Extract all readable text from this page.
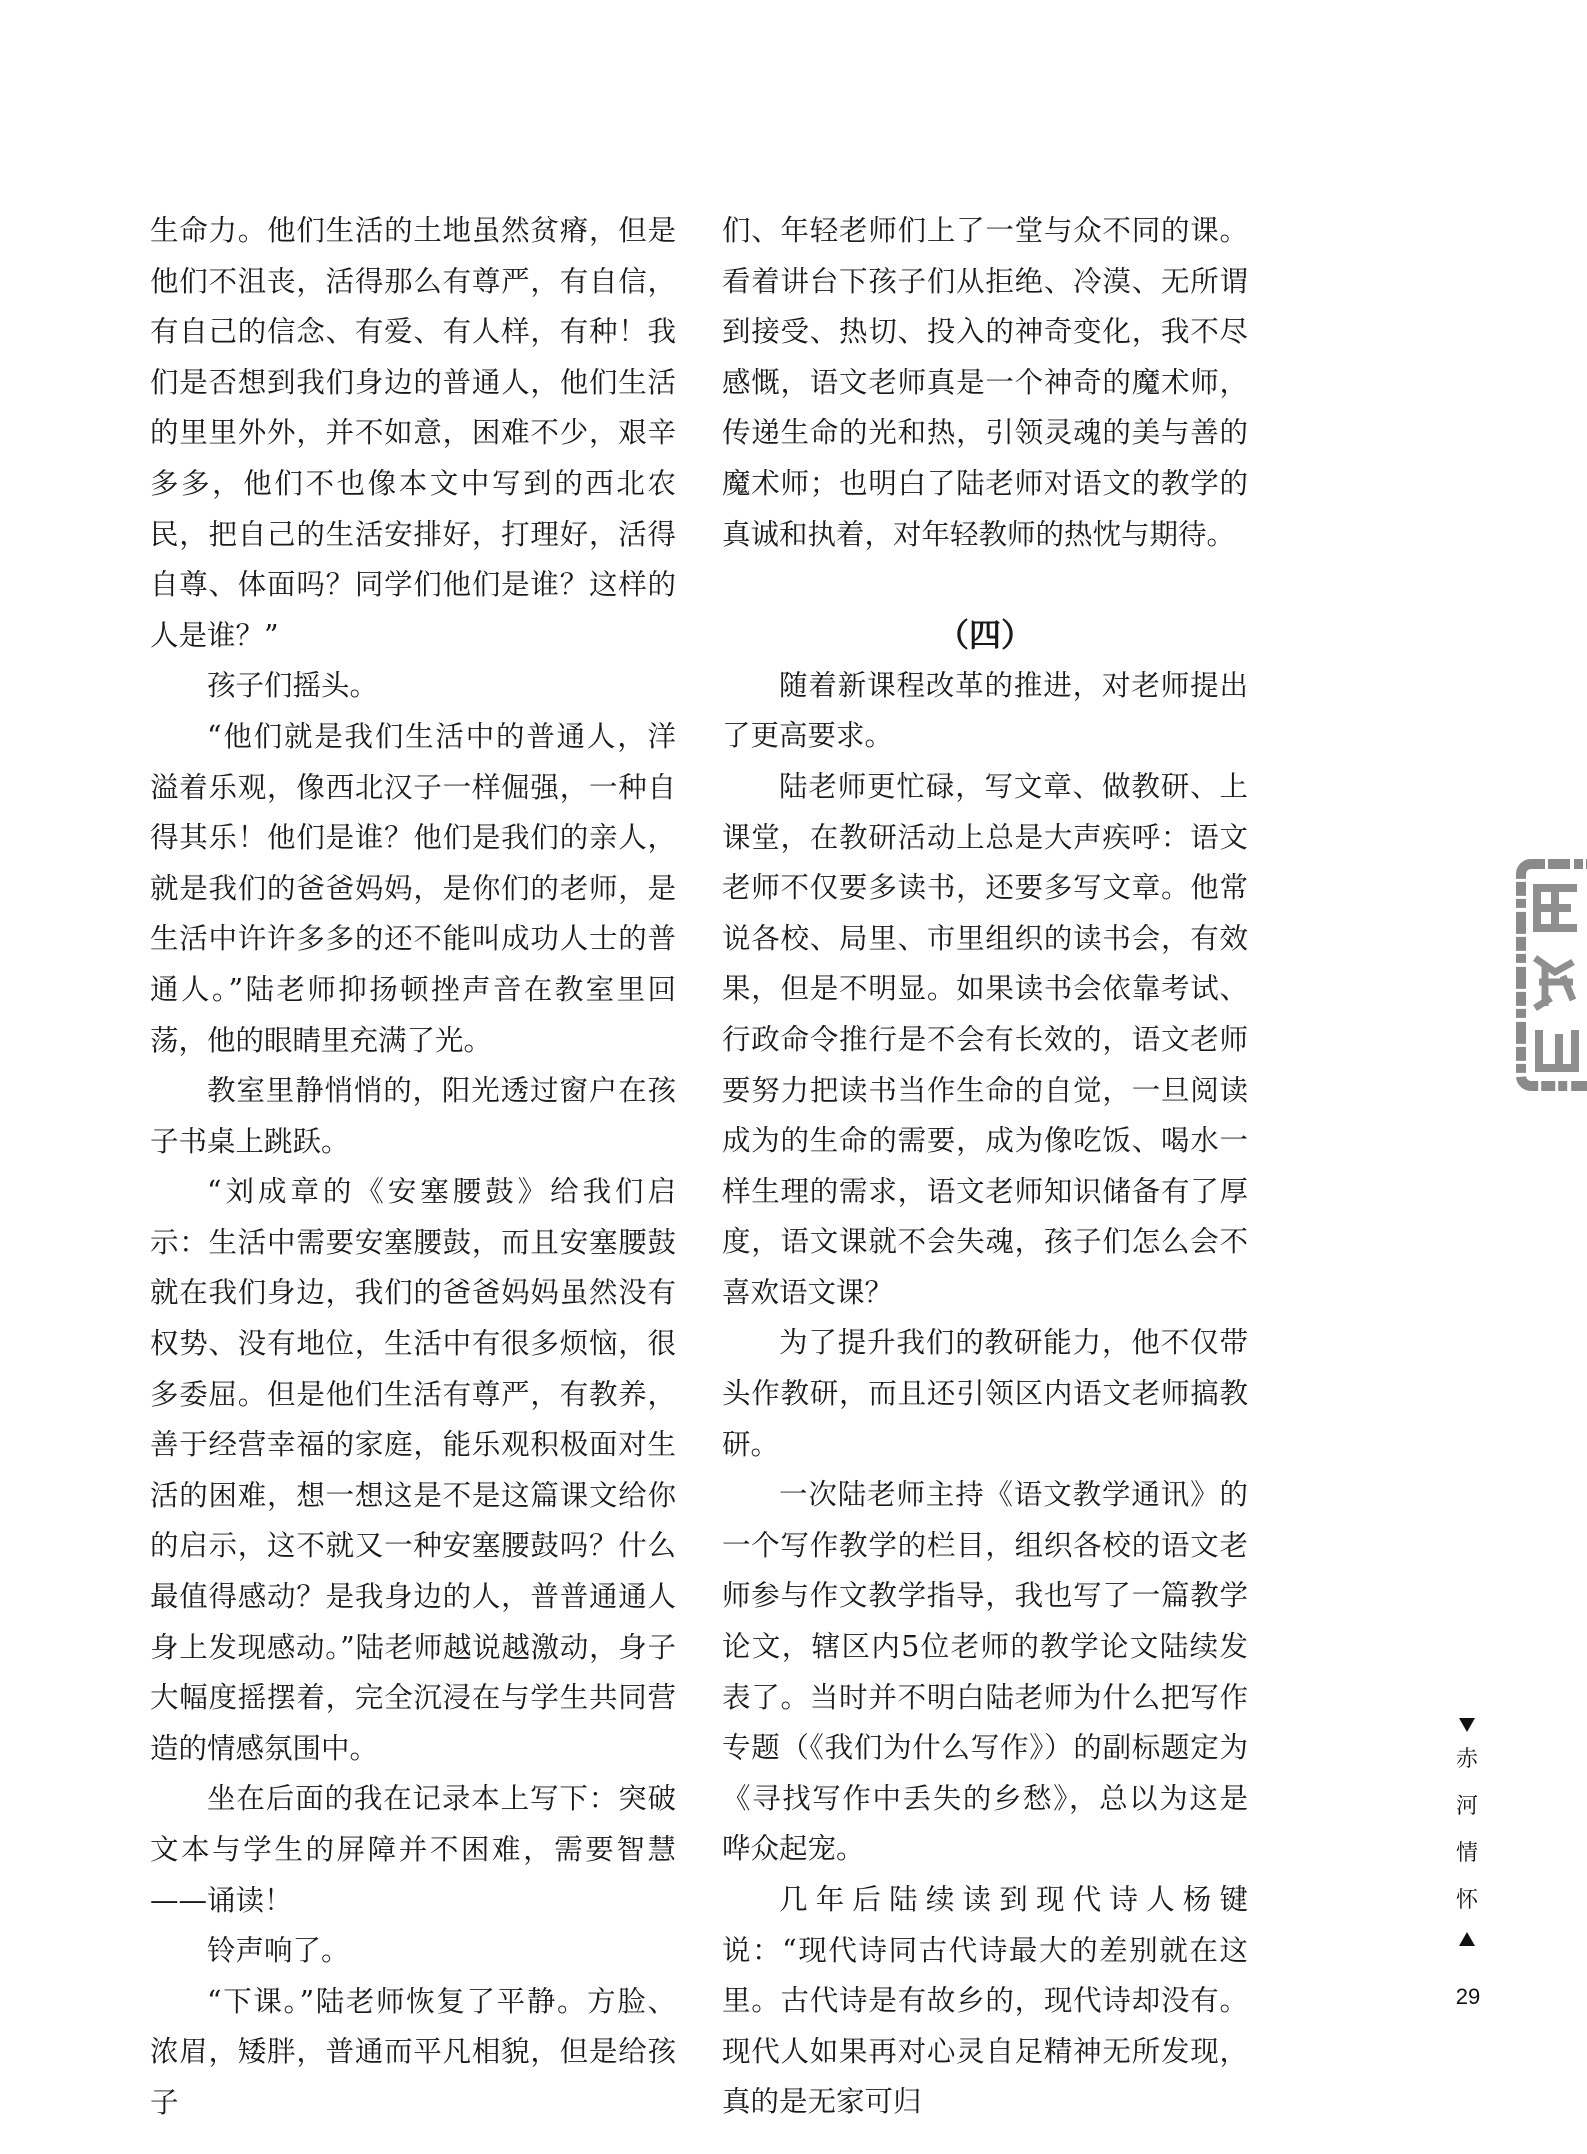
生命力。他们生活的土地虽然贫瘠，但是他们不沮丧，活得那么有尊严，有自信，有自己的信念、有爱、有人样，有种！我们是否想到我们身边的普通人，他们生活的里里外外，并不如意，困难不少，艰辛多多，他们不也像本文中写到的西北农民，把自己的生活安排好，打理好，活得自尊、体面吗？同学们他们是谁？这样的人是谁？”

孩子们摇头。

“他们就是我们生活中的普通人，洋溢着乐观，像西北汉子一样倔强，一种自得其乐！他们是谁？他们是我们的亲人，就是我们的爸爸妈妈，是你们的老师，是生活中许许多多的还不能叫成功人士的普通人。”陆老师抑扬顿挫声音在教室里回荡，他的眼睛里充满了光。

教室里静悄悄的，阳光透过窗户在孩子书桌上跳跃。

“刘成章的《安塞腰鼓》给我们启示：生活中需要安塞腰鼓，而且安塞腰鼓就在我们身边，我们的爸爸妈妈虽然没有权势、没有地位，生活中有很多烦恼，很多委屈。但是他们生活有尊严，有教养，善于经营幸福的家庭，能乐观积极面对生活的困难，想一想这是不是这篇课文给你的启示，这不就又一种安塞腰鼓吗？什么最值得感动？是我身边的人，普普通通人身上发现感动。”陆老师越说越激动，身子大幅度摇摆着，完全沉浸在与学生共同营造的情感氛围中。

坐在后面的我在记录本上写下：突破文本与学生的屏障并不困难，需要智慧——诵读！

铃声响了。

“下课。”陆老师恢复了平静。方脸、浓眉，矮胖，普通而平凡相貌，但是给孩子

们、年轻老师们上了一堂与众不同的课。看着讲台下孩子们从拒绝、冷漠、无所谓到接受、热切、投入的神奇变化，我不尽感慨，语文老师真是一个神奇的魔术师，传递生命的光和热，引领灵魂的美与善的魔术师；也明白了陆老师对语文的教学的真诚和执着，对年轻教师的热忱与期待。

（四）

随着新课程改革的推进，对老师提出了更高要求。

陆老师更忙碌，写文章、做教研、上课堂，在教研活动上总是大声疾呼：语文老师不仅要多读书，还要多写文章。他常说各校、局里、市里组织的读书会，有效果，但是不明显。如果读书会依靠考试、行政命令推行是不会有长效的，语文老师要努力把读书当作生命的自觉，一旦阅读成为的生命的需要，成为像吃饭、喝水一样生理的需求，语文老师知识储备有了厚度，语文课就不会失魂，孩子们怎么会不喜欢语文课？

为了提升我们的教研能力，他不仅带头作教研，而且还引领区内语文老师搞教研。

一次陆老师主持《语文教学通讯》的一个写作教学的栏目，组织各校的语文老师参与作文教学指导，我也写了一篇教学论文，辖区内5位老师的教学论文陆续发表了。当时并不明白陆老师为什么把写作专题（《我们为什么写作》）的副标题定为《寻找写作中丢失的乡愁》，总以为这是哗众起宠。

几年后陆续读到现代诗人杨键说：“现代诗同古代诗最大的差别就在这里。古代诗是有故乡的，现代诗却没有。现代人如果再对心灵自足精神无所发现，真的是无家可归

赤
河
情
怀
29
